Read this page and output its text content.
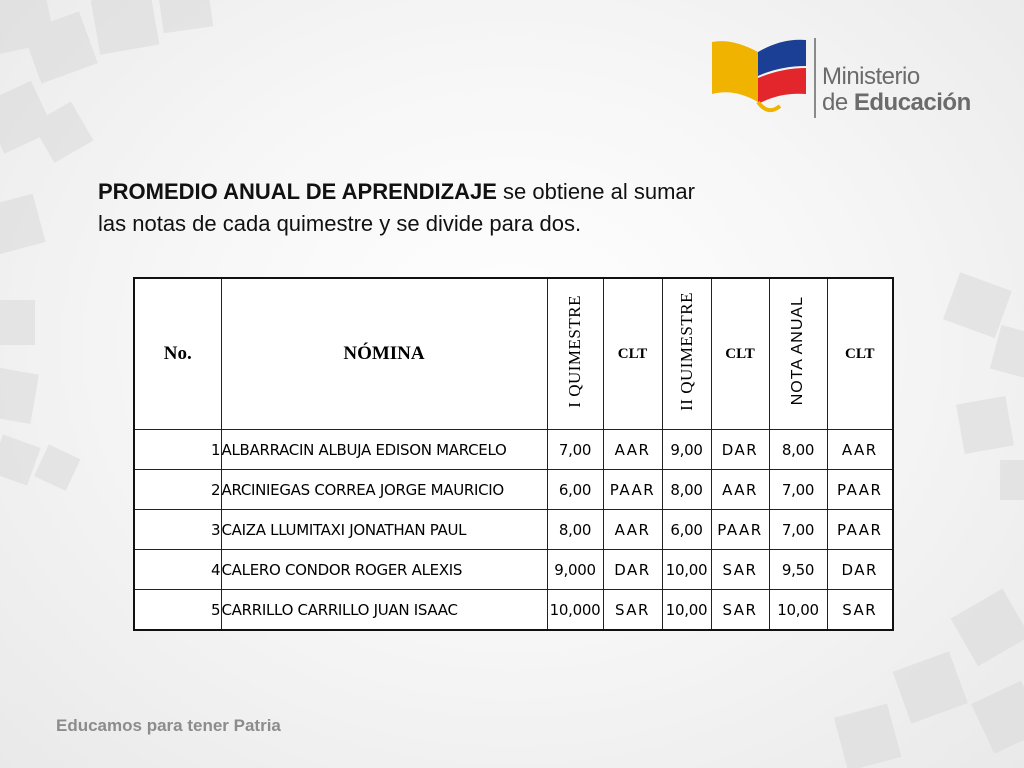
Ministerio
de Educación
PROMEDIO ANUAL DE APRENDIZAJE se obtiene al sumar
las notas de cada quimestre y se divide para dos.
No.	NÓMINA	I QUIMESTRE	CLT	II QUIMESTRE	CLT	NOTA ANUAL	CLT
1	ALBARRACIN ALBUJA EDISON MARCELO	7,00	AAR	9,00	DAR	8,00	AAR
2	ARCINIEGAS CORREA JORGE MAURICIO	6,00	PAAR	8,00	AAR	7,00	PAAR
3	CAIZA LLUMITAXI JONATHAN PAUL	8,00	AAR	6,00	PAAR	7,00	PAAR
4	CALERO CONDOR ROGER ALEXIS	9,000	DAR	10,00	SAR	9,50	DAR
5	CARRILLO CARRILLO JUAN ISAAC	10,000	SAR	10,00	SAR	10,00	SAR
Educamos para tener Patria
